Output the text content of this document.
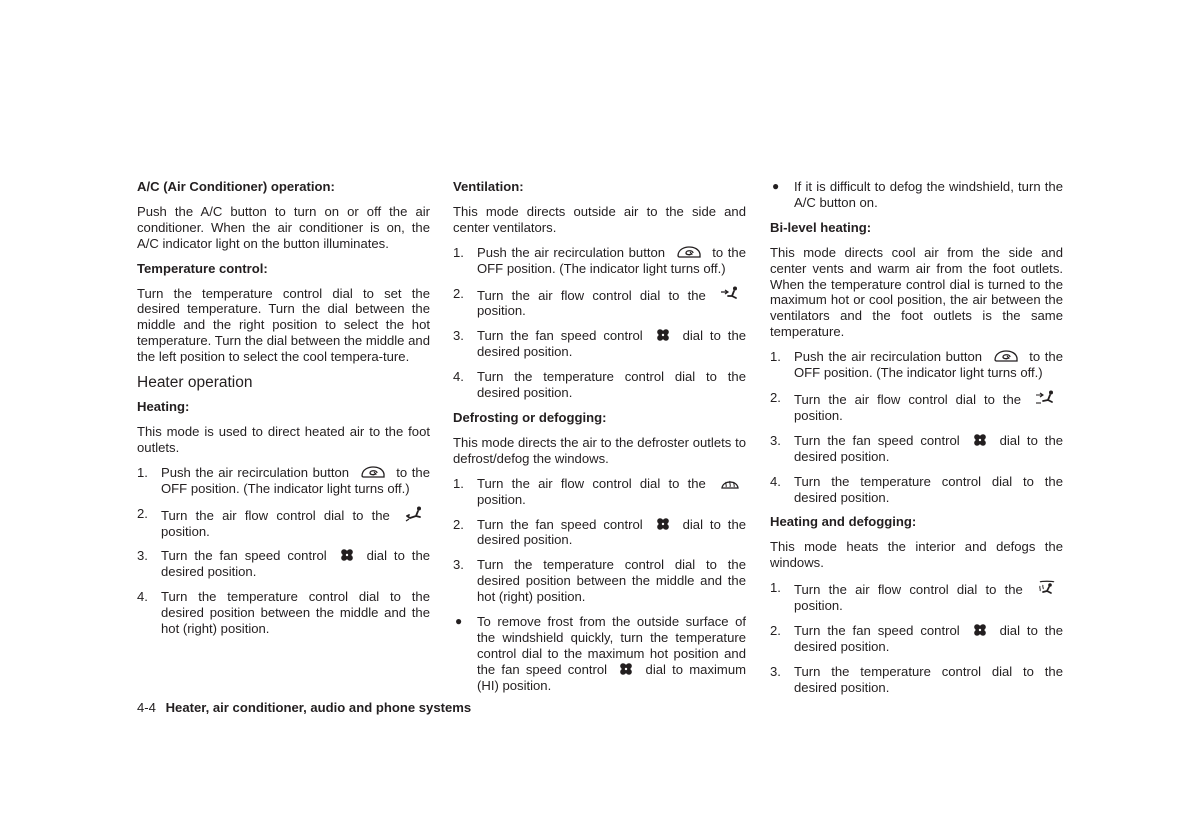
A/C (Air Conditioner) operation:
Push the A/C button to turn on or off the air conditioner. When the air conditioner is on, the A/C indicator light on the button illuminates.
Temperature control:
Turn the temperature control dial to set the desired temperature. Turn the dial between the middle and the right position to select the hot temperature. Turn the dial between the middle and the left position to select the cool tempera-ture.
Heater operation
Heating:
This mode is used to direct heated air to the foot outlets.
1. Push the air recirculation button	to the OFF position. (The indicator light turns off.)
2. Turn the air flow control dial to the  position.
3. Turn the fan speed control	dial to the desired position.
4. Turn the temperature control dial to the desired position between the middle and the hot (right) position.
Ventilation:
This mode directs outside air to the side and center ventilators.
1. Push the air recirculation button	to the OFF position. (The indicator light turns off.)
2. Turn the air flow control dial to the  position.
3. Turn the fan speed control	dial to the desired position.
4. Turn the temperature control dial to the desired position.
Defrosting or defogging:
This mode directs the air to the defroster outlets to defrost/defog the windows.
1. Turn the air flow control dial to the  position.
2. Turn the fan speed control	dial to the desired position.
3. Turn the temperature control dial to the desired position between the middle and the hot (right) position.
●	To remove frost from the outside surface of the windshield quickly, turn the temperature control dial to the maximum hot position and the fan speed control	dial to maximum (HI) position.
●	If it is difficult to defog the windshield, turn the A/C button on.
Bi-level heating:
This mode directs cool air from the side and center vents and warm air from the foot outlets. When the temperature control dial is turned to the maximum hot or cool position, the air between the ventilators and the foot outlets is the same temperature.
1. Push the air recirculation button	to the OFF position. (The indicator light turns off.)
2. Turn the air flow control dial to the  position.
3. Turn the fan speed control	dial to the desired position.
4. Turn the temperature control dial to the desired position.
Heating and defogging:
This mode heats the interior and defogs the windows.
1. Turn the air flow control dial to the  position.
2. Turn the fan speed control	dial to the desired position.
3. Turn the temperature control dial to the desired position.
4-4 Heater, air conditioner, audio and phone systems
